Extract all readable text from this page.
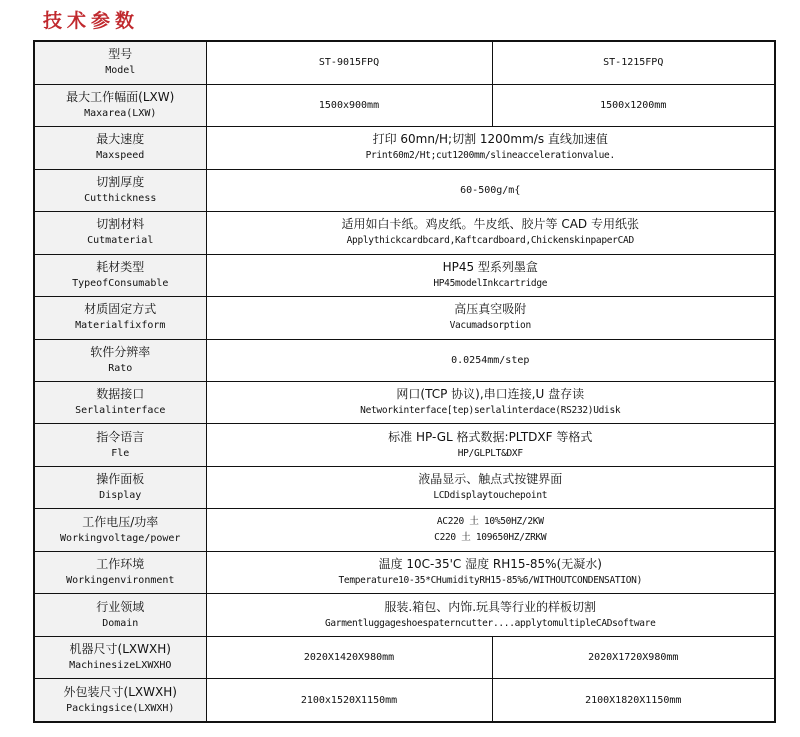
技术参数
型号
Model	ST-9015FPQ	ST-1215FPQ

最大工作幅面(LXW)
Maxarea(LXW)	1500x900mm	1500x1200mm

最大速度
Maxspeed	打印 60mn/H;切割 1200mm/s 直线加速值
Print60m2/Ht;cut1200mm/slineaccelerationvalue.	

切割厚度
Cutthickness	60-500g/m{	

切割材料
Cutmaterial	适用如白卡纸。鸡皮纸。牛皮纸、胶片等 CAD 专用纸张
Applythickcardbcard,Kaftcardboard,ChickenskinpaperCAD	

耗材类型
TypeofConsumable	HP45 型系列墨盒
HP45modelInkcartridge	

材质固定方式
Materialfixform	高压真空吸附
Vacumadsorption	

软件分辨率
Rato	0.0254mm/step	

数据接口
Serlalinterface	网口(TCP 协议),串口连接,U 盘存读
Networkinterface[tep)serlalinterdace(RS232)Udisk	

指令语言
Fle	标准 HP-GL 格式数据:PLTDXF 等格式
HP/GLPLT&DXF	

操作面板
Display	液晶显示、触点式按键界面
LCDdisplaytouchepoint	

工作电压/功率
Workingvoltage/power	AC220 土 10%50HZ/2KW
C220 土 109650HZ/ZRKW	

工作环境
Workingenvironment	温度 10C-35'C 湿度 RH15-85%(无凝水)
Temperature10-35*CHumidityRH15-85%6/WITHOUTCONDENSATION)	

行业领域
Domain	服装.箱包、内饰.玩具等行业的样板切割
Garmentluggageshoespaterncutter....applytomultipleCADsoftware	

机器尺寸(LXWXH)
MachinesizeLXWXHO	2020X1420X980mm	2020X1720X980mm

外包装尺寸(LXWXH)
Packingsice(LXWXH)	2100x1520X1150mm	2100X1820X1150mm
